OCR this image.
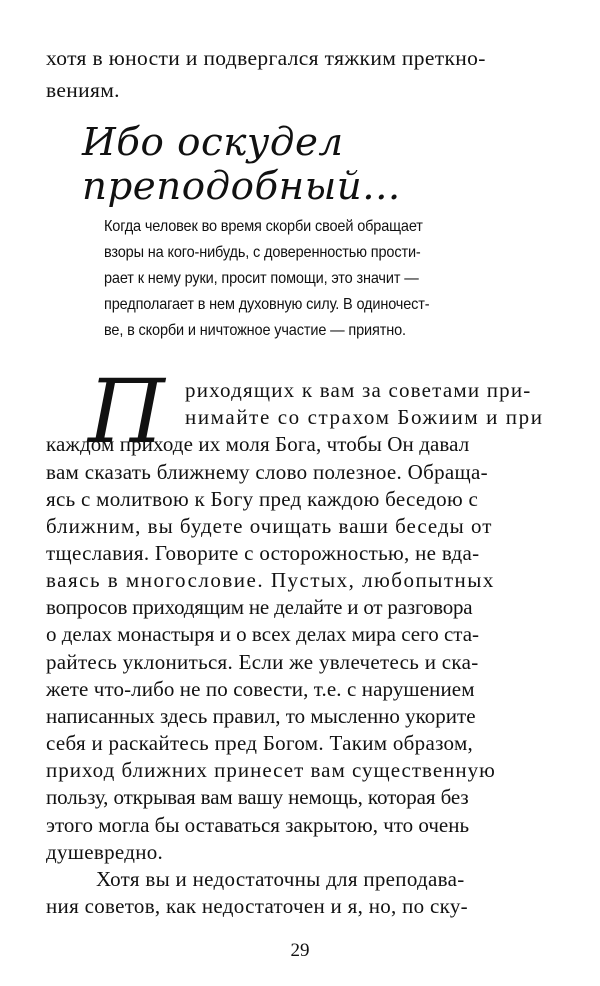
хотя в юности и подвергался тяжким преткно-
вениям.
Ибо оскудел преподобный...
Когда человек во время скорби своей обращает
взоры на кого-нибудь, с доверенностью прости-
рает к нему руки, просит помощи, это значит —
предполагает в нем духовную силу. В одиночест-
ве, в скорби и ничтожное участие — приятно.
П риходящих к вам за советами при-
нимайте со страхом Божиим и при
каждом приходе их моля Бога, чтобы Он давал
вам сказать ближнему слово полезное. Обраща-
ясь с молитвою к Богу пред каждою беседою с
ближним, вы будете очищать ваши беседы от
тщеславия. Говорите с осторожностью, не вда-
ваясь в многословие. Пустых, любопытных
вопросов приходящим не делайте и от разговора
о делах монастыря и о всех делах мира сего ста-
райтесь уклониться. Если же увлечетесь и ска-
жете что-либо не по совести, т.е. с нарушением
написанных здесь правил, то мысленно укорите
себя и раскайтесь пред Богом. Таким образом,
приход ближних принесет вам существенную
пользу, открывая вам вашу немощь, которая без
этого могла бы оставаться закрытою, что очень
душевредно.
Хотя вы и недостаточны для преподава-
ния советов, как недостаточен и я, но, по ску-
29
